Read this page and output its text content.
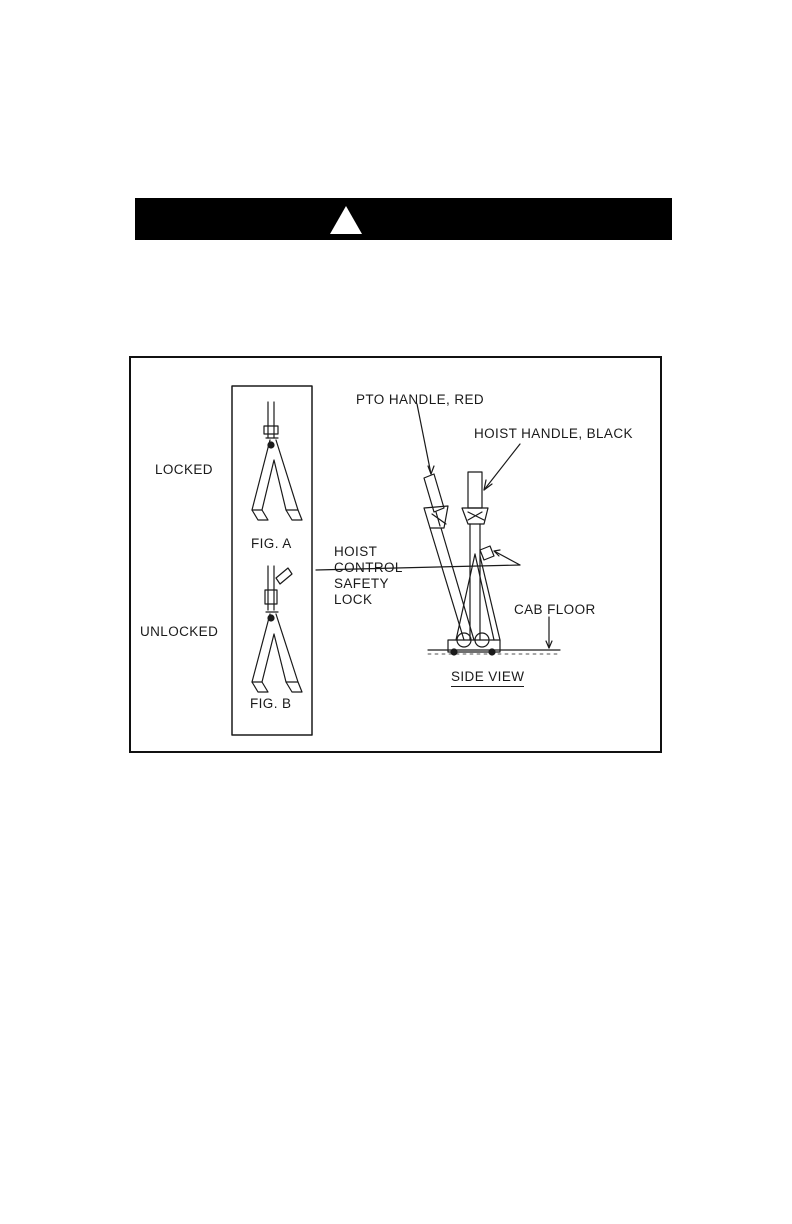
LOCKED
UNLOCKED
FIG. A
FIG. B
PTO HANDLE, RED
HOIST HANDLE, BLACK
HOIST
CONTROL
SAFETY
LOCK
CAB FLOOR
SIDE VIEW
